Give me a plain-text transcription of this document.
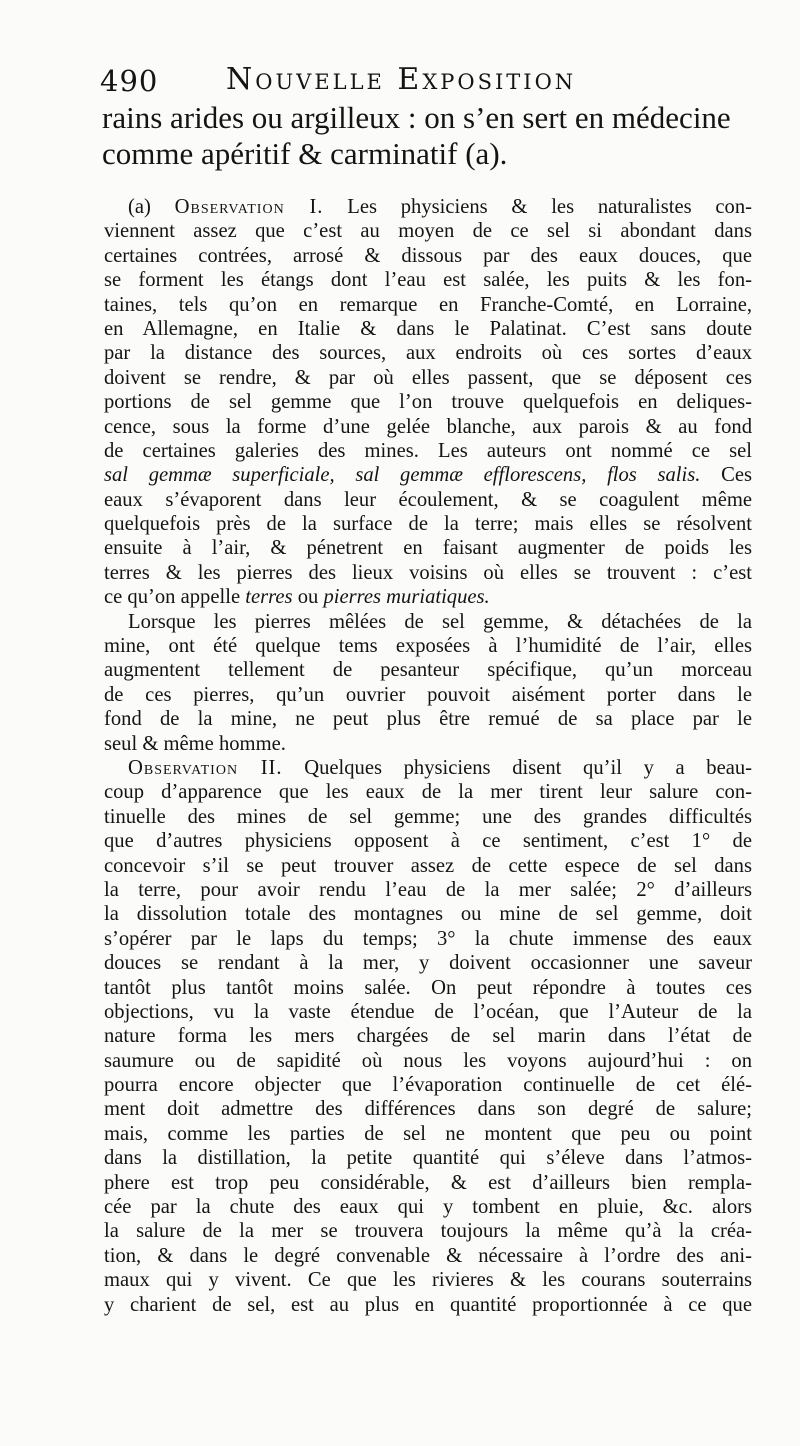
490 Nouvelle Exposition
rains arides ou argilleux : on s’en sert en médecine
comme apéritif & carminatif (a).
(a) Observation I. Les physiciens & les naturalistes con-
viennent assez que c’est au moyen de ce sel si abondant dans
certaines contrées, arrosé & dissous par des eaux douces, que
se forment les étangs dont l’eau est salée, les puits & les fon-
taines, tels qu’on en remarque en Franche-Comté, en Lorraine,
en Allemagne, en Italie & dans le Palatinat. C’est sans doute
par la distance des sources, aux endroits où ces sortes d’eaux
doivent se rendre, & par où elles passent, que se déposent ces
portions de sel gemme que l’on trouve quelquefois en deliques-
cence, sous la forme d’une gelée blanche, aux parois & au fond
de certaines galeries des mines. Les auteurs ont nommé ce sel
sal gemmæ superficiale, sal gemmæ efflorescens, flos salis. Ces
eaux s’évaporent dans leur écoulement, & se coagulent même
quelquefois près de la surface de la terre; mais elles se résolvent
ensuite à l’air, & pénetrent en faisant augmenter de poids les
terres & les pierres des lieux voisins où elles se trouvent : c’est
ce qu’on appelle terres ou pierres muriatiques.
Lorsque les pierres mêlées de sel gemme, & détachées de la
mine, ont été quelque tems exposées à l’humidité de l’air, elles
augmentent tellement de pesanteur spécifique, qu’un morceau
de ces pierres, qu’un ouvrier pouvoit aisément porter dans le
fond de la mine, ne peut plus être remué de sa place par le
seul & même homme.
Observation II. Quelques physiciens disent qu’il y a beau-
coup d’apparence que les eaux de la mer tirent leur salure con-
tinuelle des mines de sel gemme; une des grandes difficultés
que d’autres physiciens opposent à ce sentiment, c’est 1° de
concevoir s’il se peut trouver assez de cette espece de sel dans
la terre, pour avoir rendu l’eau de la mer salée; 2° d’ailleurs
la dissolution totale des montagnes ou mine de sel gemme, doit
s’opérer par le laps du temps; 3° la chute immense des eaux
douces se rendant à la mer, y doivent occasionner une saveur
tantôt plus tantôt moins salée. On peut répondre à toutes ces
objections, vu la vaste étendue de l’océan, que l’Auteur de la
nature forma les mers chargées de sel marin dans l’état de
saumure ou de sapidité où nous les voyons aujourd’hui : on
pourra encore objecter que l’évaporation continuelle de cet élé-
ment doit admettre des différences dans son degré de salure;
mais, comme les parties de sel ne montent que peu ou point
dans la distillation, la petite quantité qui s’éleve dans l’atmos-
phere est trop peu considérable, & est d’ailleurs bien rempla-
cée par la chute des eaux qui y tombent en pluie, &c. alors
la salure de la mer se trouvera toujours la même qu’à la créa-
tion, & dans le degré convenable & nécessaire à l’ordre des ani-
maux qui y vivent. Ce que les rivieres & les courans souterrains
y charient de sel, est au plus en quantité proportionnée à ce que
